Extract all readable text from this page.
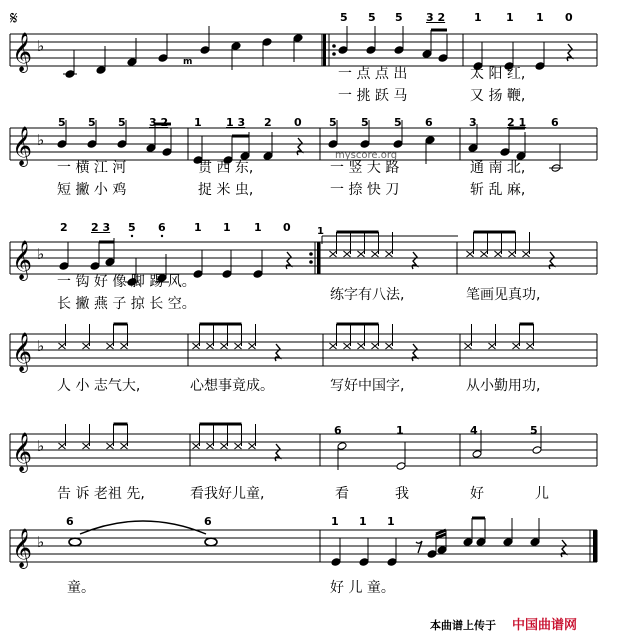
𝄞 ♭
𝄞 ♭
𝄞 ♭
𝄞 ♭
𝄞 ♭
𝄞 ♭
𝄋
1
m
5 5 5 3 2	1 1 1 0
一 点 点 出	太 阳 红,
一 挑 跃 马	又 扬 鞭,
5 5 5 3 2 1 1 3 2 0 5 5 5 6	3	2 1 6
一 横 江 河	贯 西 东,	一 竖 大 路	通 南 北,
短 撇 小 鸡	捉 米 虫,	一 捺 快 刀	斩 乱 麻,
2 2 3 5 6	1 1 1 0
一 钩 好 像 脚 踢 风。
长 撇 燕 子 掠 长 空。
练字有八法,	笔画见真功,
人 小 志气大,	心想事竟成。	写好中国字,	从小勤用功,
6	1	4	5
告 诉 老祖 先,	看我好儿童,	看	我	好	儿
6	6	1 1 1
童。	好 儿 童。
myscore.org
本曲谱上传于 中国曲谱网
